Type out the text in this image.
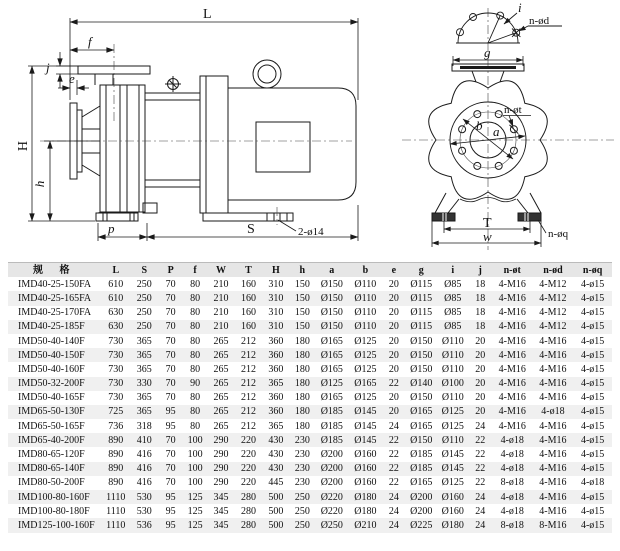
L
f
j
e
H
h
p	S	2-ø14
i
n-ød
g
n-øt
b a
T
w	n-øq
规 格	L	S	P	f	W	T	H	h	a	b	e	g	i	j	n-øt	n-ød	n-øq
IMD40-25-150FA	610	250	70	80	210	160	310	150	Ø150	Ø110	20	Ø115	Ø85	18	4-M16	4-M12	4-ø15
IMD40-25-165FA	610	250	70	80	210	160	310	150	Ø150	Ø110	20	Ø115	Ø85	18	4-M16	4-M12	4-ø15
IMD40-25-170FA	630	250	70	80	210	160	310	150	Ø150	Ø110	20	Ø115	Ø85	18	4-M16	4-M12	4-ø15
IMD40-25-185F	630	250	70	80	210	160	310	150	Ø150	Ø110	20	Ø115	Ø85	18	4-M16	4-M12	4-ø15
IMD50-40-140F	730	365	70	80	265	212	360	180	Ø165	Ø125	20	Ø150	Ø110	20	4-M16	4-M16	4-ø15
IMD50-40-150F	730	365	70	80	265	212	360	180	Ø165	Ø125	20	Ø150	Ø110	20	4-M16	4-M16	4-ø15
IMD50-40-160F	730	365	70	80	265	212	360	180	Ø165	Ø125	20	Ø150	Ø110	20	4-M16	4-M16	4-ø15
IMD50-32-200F	730	330	70	90	265	212	365	180	Ø125	Ø165	22	Ø140	Ø100	20	4-M16	4-M16	4-ø15
IMD50-40-165F	730	365	70	80	265	212	360	180	Ø165	Ø125	20	Ø150	Ø110	20	4-M16	4-M16	4-ø15
IMD65-50-130F	725	365	95	80	265	212	360	180	Ø185	Ø145	20	Ø165	Ø125	20	4-M16	4-ø18	4-ø15
IMD65-50-165F	736	318	95	80	265	212	365	180	Ø185	Ø145	24	Ø165	Ø125	24	4-M16	4-M16	4-ø15
IMD65-40-200F	890	410	70	100	290	220	430	230	Ø185	Ø145	22	Ø150	Ø110	22	4-ø18	4-M16	4-ø15
IMD80-65-120F	890	416	70	100	290	220	430	230	Ø200	Ø160	22	Ø185	Ø145	22	4-ø18	4-M16	4-ø15
IMD80-65-140F	890	416	70	100	290	220	430	230	Ø200	Ø160	22	Ø185	Ø145	22	4-ø18	4-M16	4-ø15
IMD80-50-200F	890	416	70	100	290	220	445	230	Ø200	Ø160	22	Ø165	Ø125	22	8-ø18	4-M16	4-ø18
IMD100-80-160F	1110	530	95	125	345	280	500	250	Ø220	Ø180	24	Ø200	Ø160	24	4-ø18	4-M16	4-ø15
IMD100-80-180F	1110	530	95	125	345	280	500	250	Ø220	Ø180	24	Ø200	Ø160	24	4-ø18	4-M16	4-ø15
IMD125-100-160F	1110	536	95	125	345	280	500	250	Ø250	Ø210	24	Ø225	Ø180	24	8-ø18	8-M16	4-ø15
